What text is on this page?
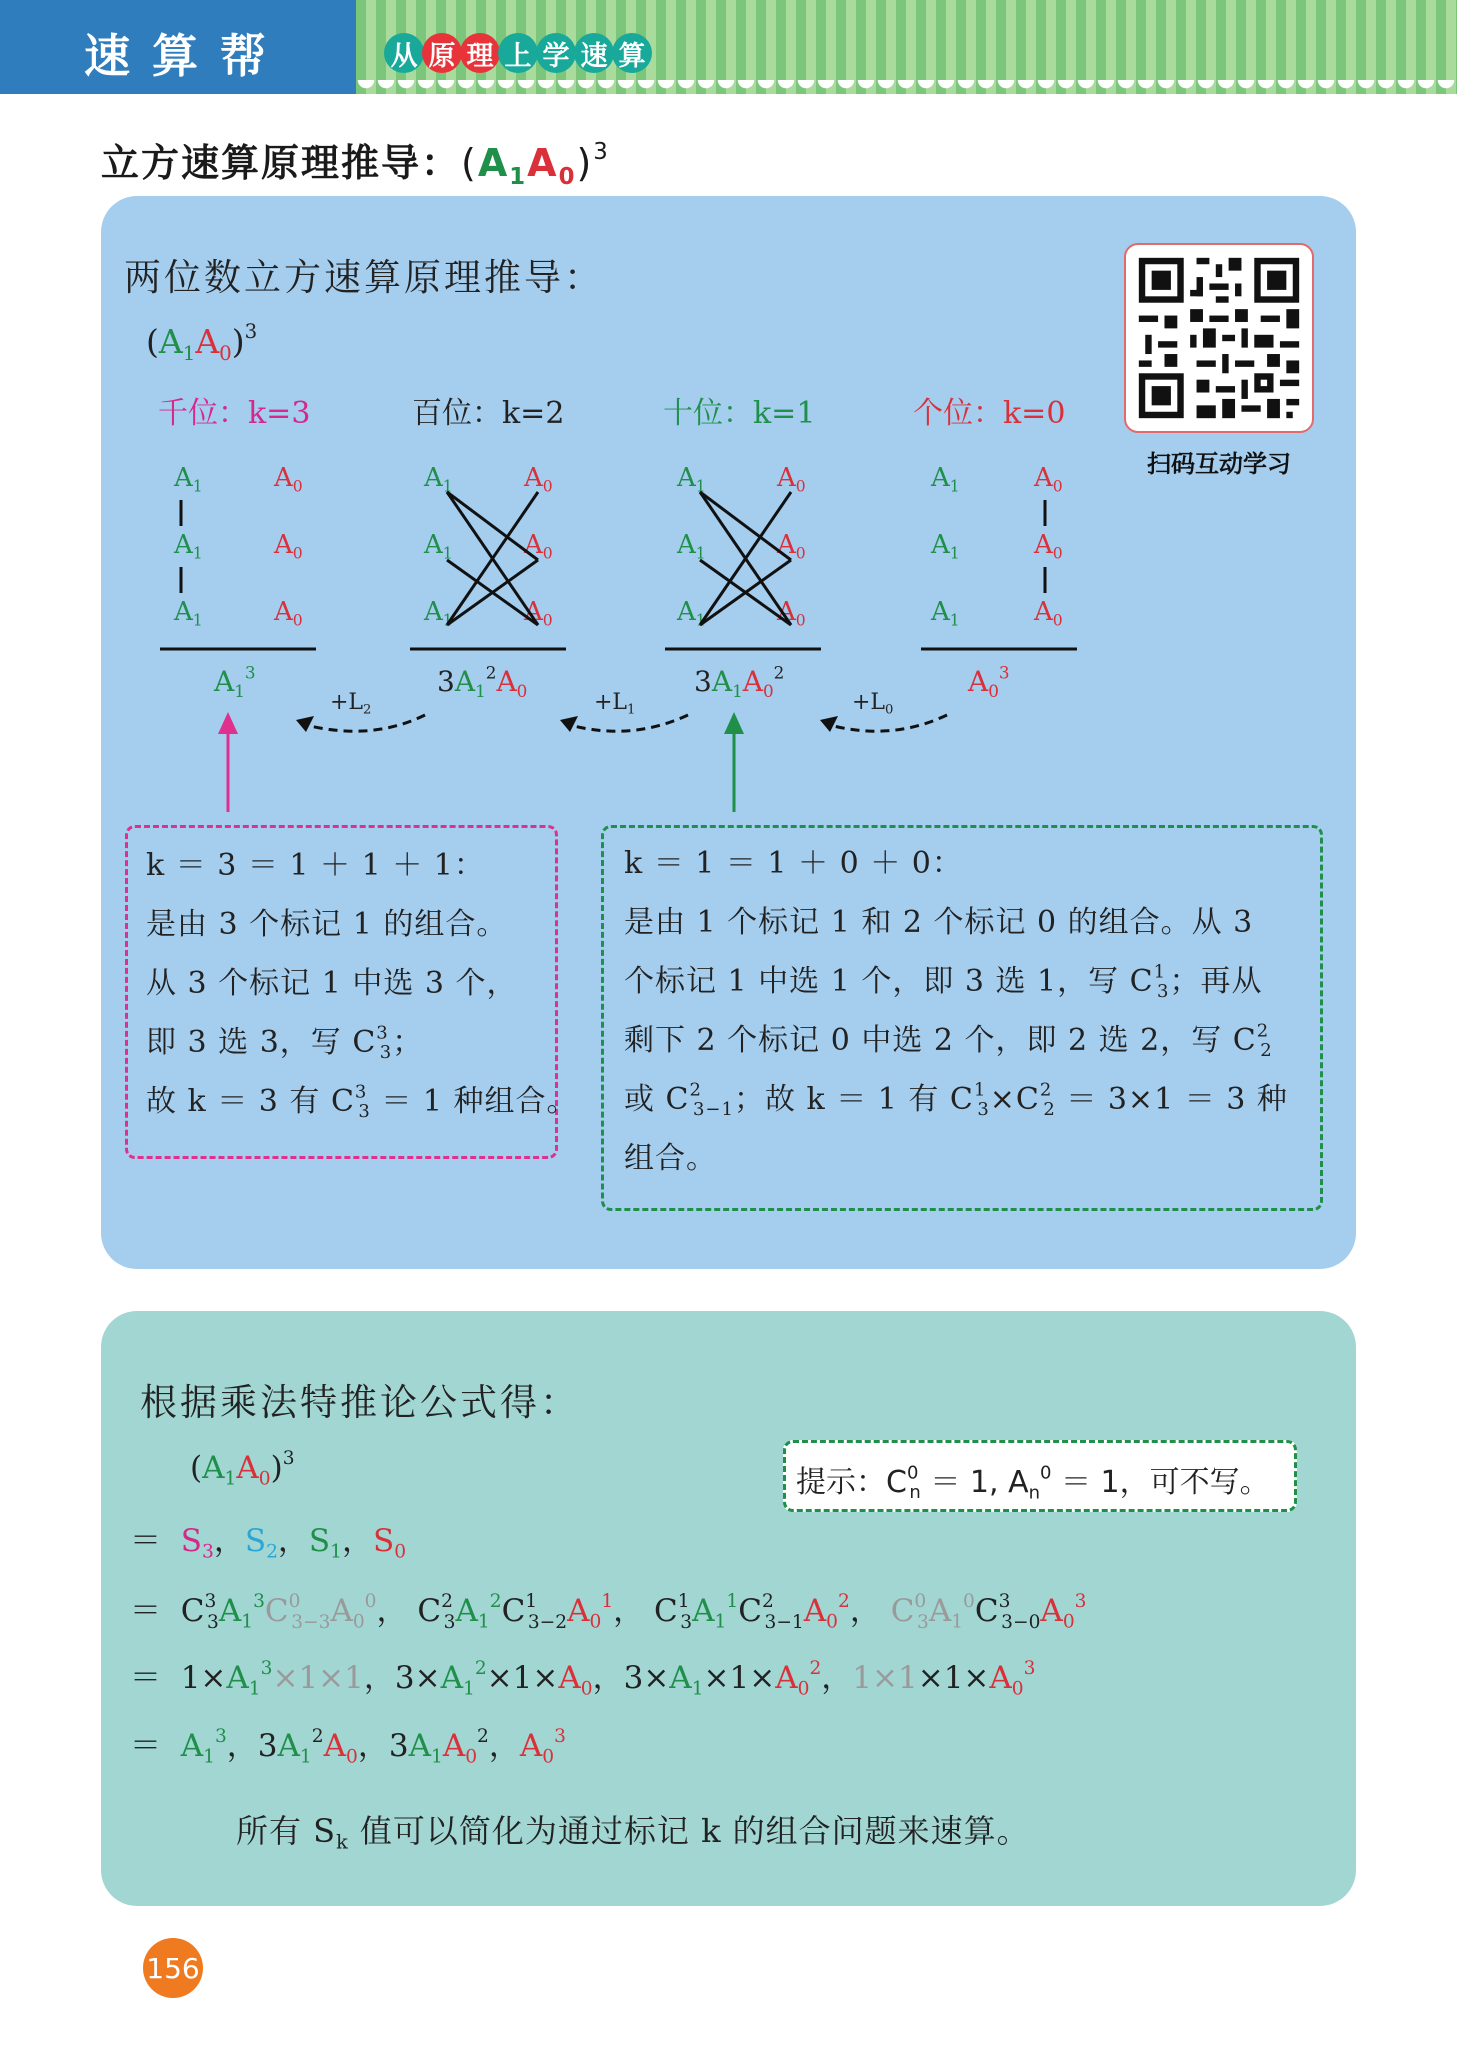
速算帮	从 原 理 上 学 速 算
立方速算原理推导：$(A_1A_0)^3$
两位数立方速算原理推导：
$(A_1A_0)^3$
千位：k=3	百位：k=2	十位：k=1	个位：k=0
$A_1$	$A_0$
$A_1$	$A_0$
$A_1$	$A_0$
$A_1$	$A_0$
$A_1$	$A_0$
$A_1$	$A_0$
$A_1$	$A_0$
$A_1$	$A_0$
$A_1$	$A_0$
$A_1$	$A_0$
$A_1$	$A_0$
$A_1$	$A_0$
$A_1^3$	$3A_1^2A_0$	$3A_1A_0^2$	$A_0^3$
$+L_2$	$+L_1$	$+L_0$
扫码互动学习
k ＝ 3 ＝ 1 ＋ 1 ＋ 1：
是由 3 个标记 1 的组合。
从 3 个标记 1 中选 3 个，
即 3 选 3，写 $C^3_3$；
故 k ＝ 3 有 $C^3_3 = 1$ 种组合。
k ＝ 1 ＝ 1 ＋ 0 ＋ 0：
是由 1 个标记 1 和 2 个标记 0 的组合。从 3
个标记 1 中选 1 个，即 3 选 1，写 $C^1_3$；再从
剩下 2 个标记 0 中选 2 个，即 2 选 2，写 $C^2_2$
或 $C^2_{3-1}$；故 k ＝ 1 有 $C^1_3\times C^2_2 = 3\times 1 = 3$ 种
组合。
根据乘法特推论公式得：
提示：$C^0_n = 1$, $A_n^0 = 1$，可不写。
$(A_1A_0)^3$
＝ $S_3$，$S_2$，$S_1$，$S_0$
＝  $C^3_3A_1^3C^0_{3-3}A_0^0$， $C^2_3A_1^2C^1_{3-2}A_0^1$， $C^1_3A_1^1C^2_{3-1}A_0^2$， $C^0_3A_1^0C^3_{3-0}A_0^3$
＝  $1\times A_1^3\times 1\times 1$，$3\times A_1^2\times 1\times A_0$，$3\times A_1\times 1\times A_0^2$，$1\times 1\times 1\times A_0^3$
＝ $A_1^3$，$3A_1^2A_0$，$3A_1A_0^2$，$A_0^3$
所有 $S_k$ 值可以简化为通过标记 k 的组合问题来速算。
156
